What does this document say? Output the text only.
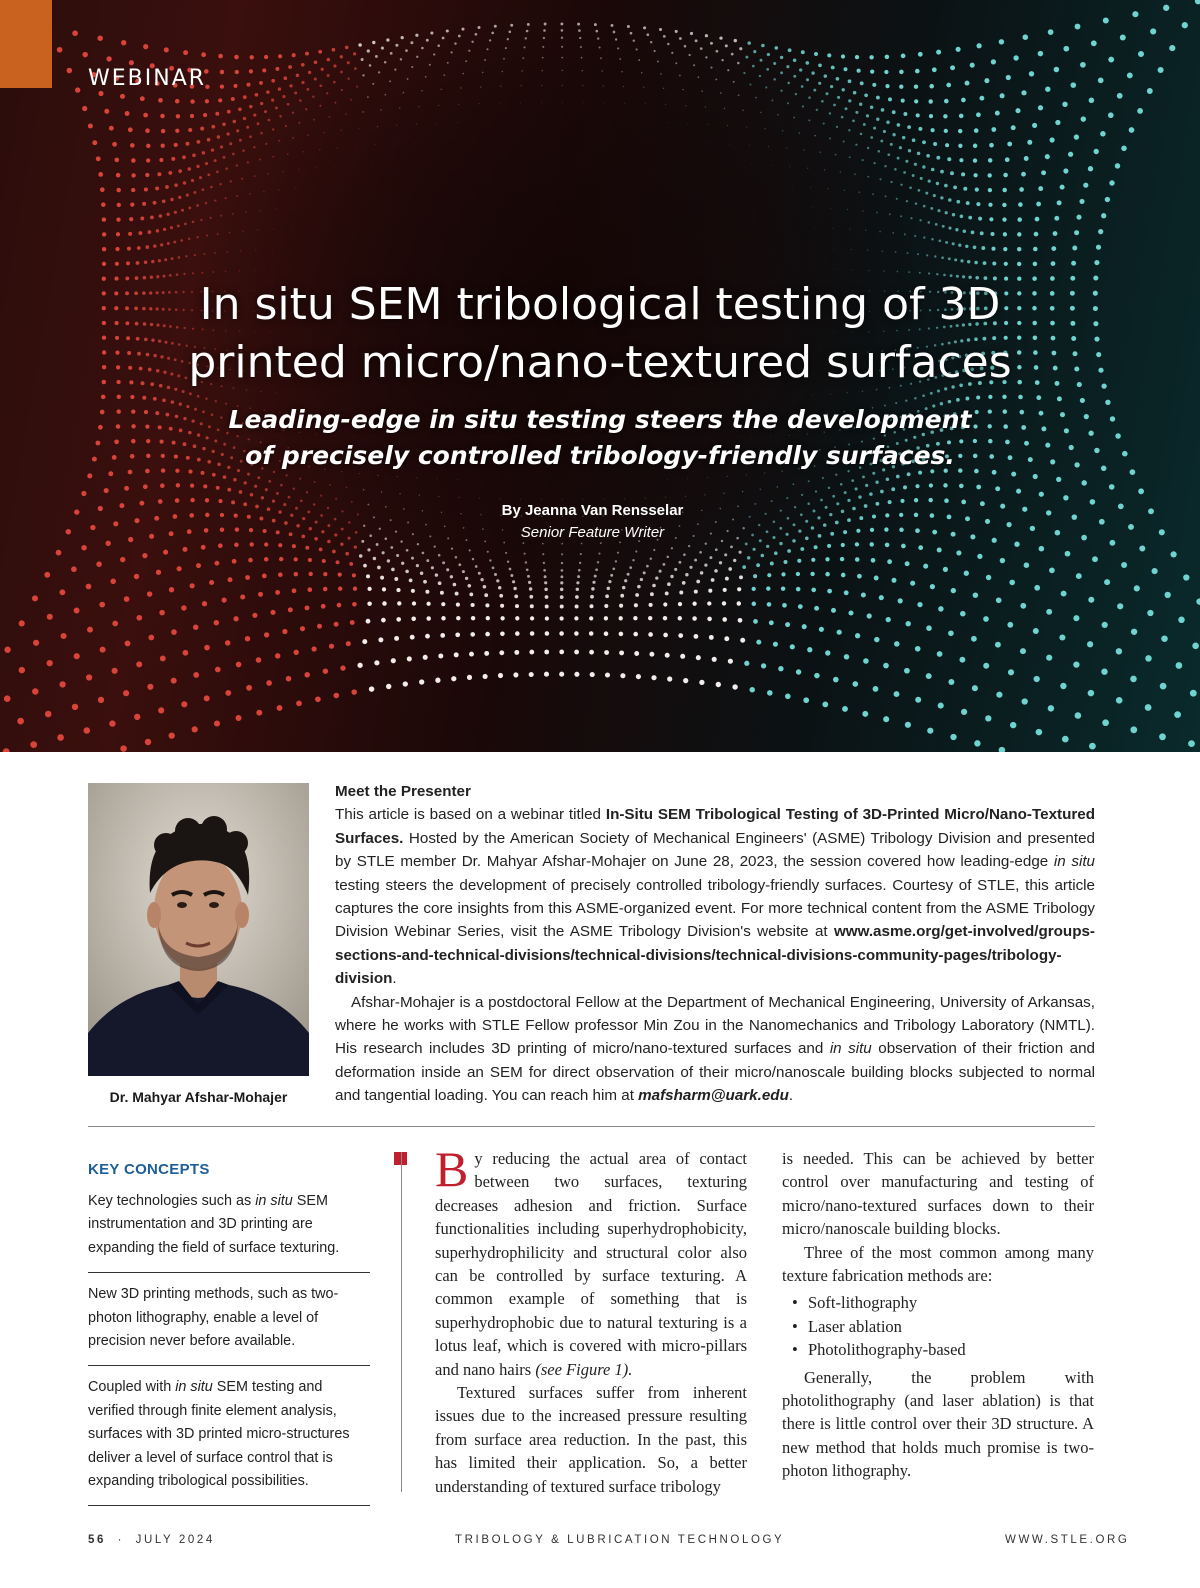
WEBINAR
In situ SEM tribological testing of 3D
printed micro/nano-textured surfaces
Leading-edge in situ testing steers the development
of precisely controlled tribology-friendly surfaces.
By Jeanna Van Rensselar
Senior Feature Writer
Dr. Mahyar Afshar-Mohajer
Meet the Presenter

This article is based on a webinar titled In-Situ SEM Tribological Testing of 3D-Printed Micro/Nano-Textured Surfaces. Hosted by the American Society of Mechanical Engineers' (ASME) Tribology Division and presented by STLE member Dr. Mahyar Afshar-Mohajer on June 28, 2023, the session covered how leading-edge in situ testing steers the development of precisely controlled tribology-friendly surfaces. Courtesy of STLE, this article captures the core insights from this ASME-organized event. For more technical content from the ASME Tribology Division Webinar Series, visit the ASME Tribology Division's website at www.asme.org/get-involved/groups-sections-and-technical-divisions/technical-divisions/technical-divisions-community-pages/tribology-division.

Afshar-Mohajer is a postdoctoral Fellow at the Department of Mechanical Engineering, University of Arkansas, where he works with STLE Fellow professor Min Zou in the Nanomechanics and Tribology Laboratory (NMTL). His research includes 3D printing of micro/nano-textured surfaces and in situ observation of their friction and deformation inside an SEM for direct observation of their micro/nanoscale building blocks subjected to normal and tangential loading. You can reach him at mafsharm@uark.edu.

KEY CONCEPTS
Key technologies such as in situ SEM instrumentation and 3D printing are expanding the field of surface texturing.
New 3D printing methods, such as two-photon lithography, enable a level of precision never before available.
Coupled with in situ SEM testing and verified through finite element analysis, surfaces with 3D printed micro-structures deliver a level of surface control that is expanding tribological possibilities.

By reducing the actual area of contact between two surfaces, texturing decreases adhesion and friction. Surface functionalities including superhydrophobicity, superhydrophilicity and structural color also can be controlled by surface texturing. A common example of something that is superhydrophobic due to natural texturing is a lotus leaf, which is covered with micro-pillars and nano hairs (see Figure 1).

Textured surfaces suffer from inherent issues due to the increased pressure resulting from surface area reduction. In the past, this has limited their application. So, a better understanding of textured surface tribology

is needed. This can be achieved by better control over manufacturing and testing of micro/nano-textured surfaces down to their micro/nanoscale building blocks.

Three of the most common among many texture fabrication methods are:

• Soft-lithography
• Laser ablation
• Photolithography-based

Generally, the problem with photolithography (and laser ablation) is that there is little control over their 3D structure. A new method that holds much promise is two-photon lithography.

56 · JULY 2024	TRIBOLOGY & LUBRICATION TECHNOLOGY	WWW.STLE.ORG
